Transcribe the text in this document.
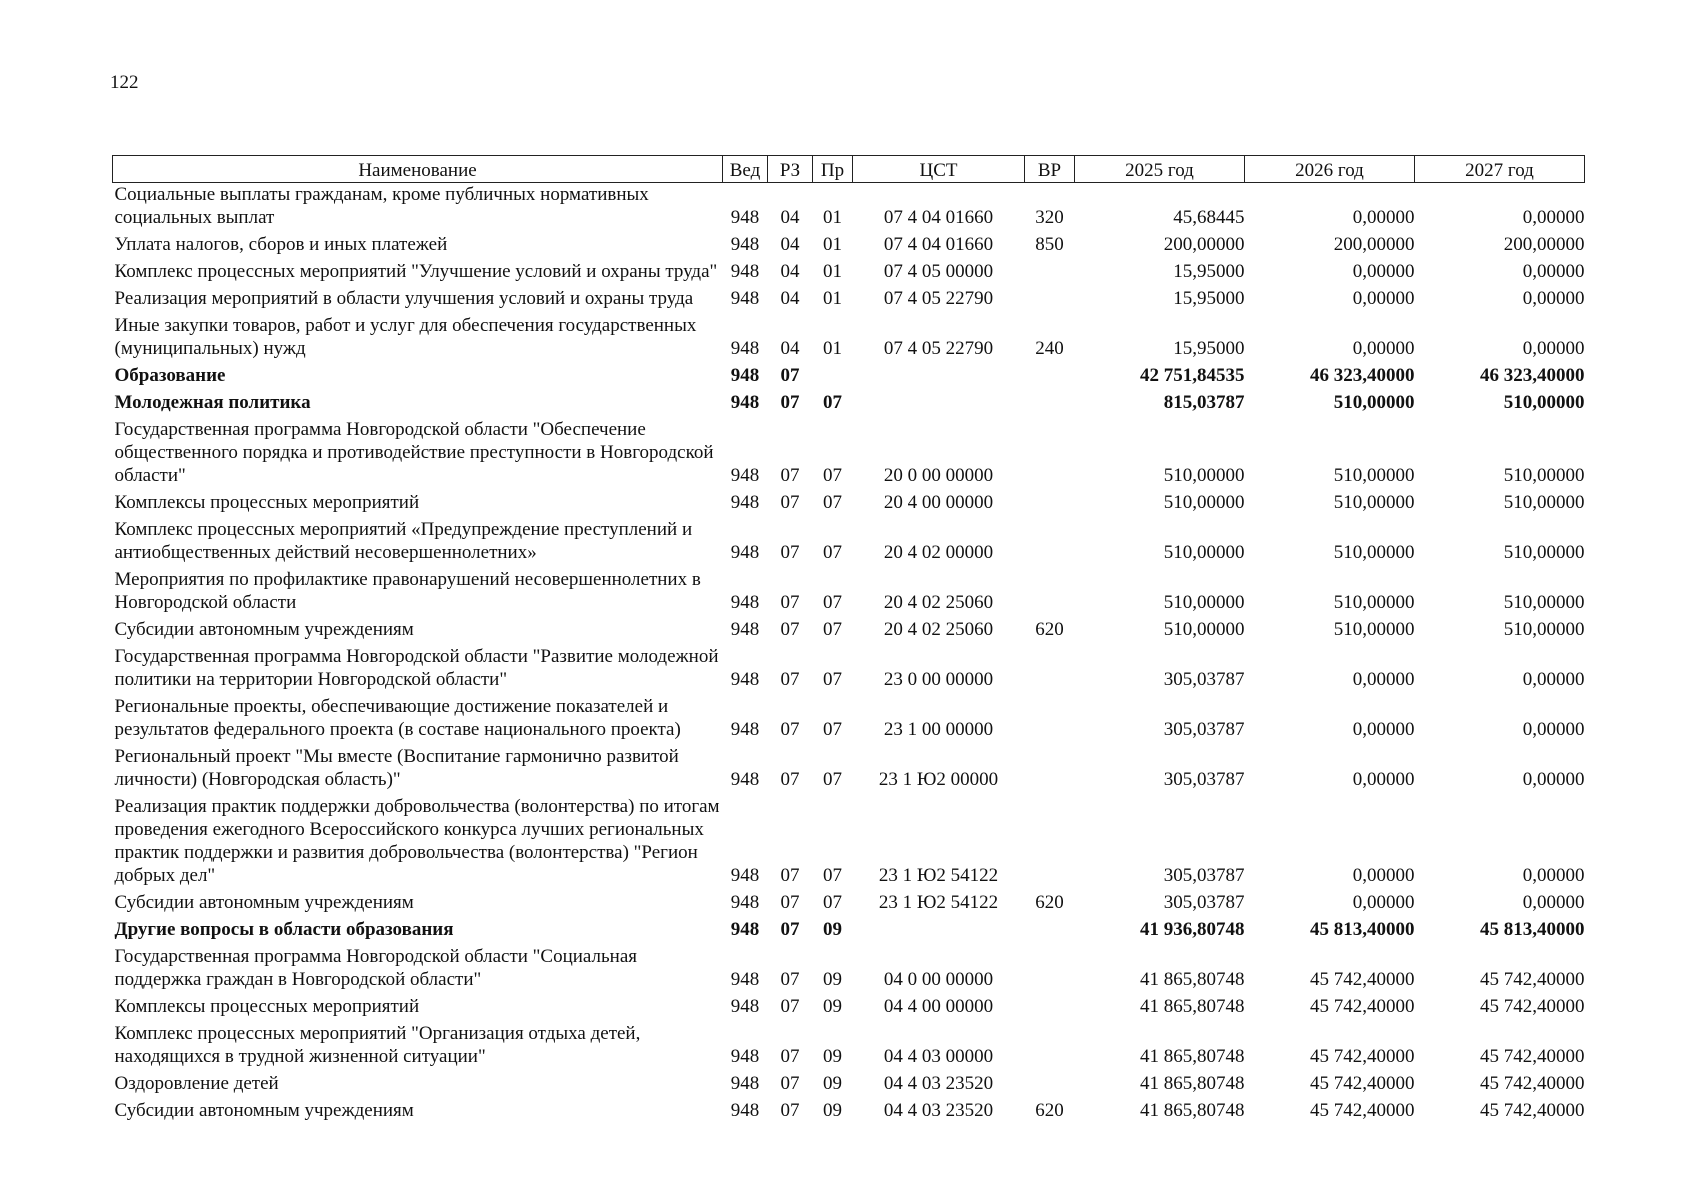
122
Наименование	Вед	РЗ	Пр	ЦСТ	ВР	2025 год	2026 год	2027 год
Социальные выплаты гражданам, кроме публичных нормативных социальных выплат	948	04	01	07 4 04 01660	320	45,68445	0,00000	0,00000
Уплата налогов, сборов и иных платежей	948	04	01	07 4 04 01660	850	200,00000	200,00000	200,00000
Комплекс процессных мероприятий "Улучшение условий и охраны труда"	948	04	01	07 4 05 00000		15,95000	0,00000	0,00000
Реализация мероприятий в области улучшения условий и охраны труда	948	04	01	07 4 05 22790		15,95000	0,00000	0,00000
Иные закупки товаров, работ и услуг для обеспечения государственных (муниципальных) нужд	948	04	01	07 4 05 22790	240	15,95000	0,00000	0,00000
Образование	948	07				42 751,84535	46 323,40000	46 323,40000
Молодежная политика	948	07	07			815,03787	510,00000	510,00000
Государственная программа Новгородской области "Обеспечение общественного порядка и противодействие преступности в Новгородской области"	948	07	07	20 0 00 00000		510,00000	510,00000	510,00000
Комплексы процессных мероприятий	948	07	07	20 4 00 00000		510,00000	510,00000	510,00000
Комплекс процессных мероприятий «Предупреждение преступлений и антиобщественных действий несовершеннолетних»	948	07	07	20 4 02 00000		510,00000	510,00000	510,00000
Мероприятия по профилактике правонарушений несовершеннолетних в Новгородской области	948	07	07	20 4 02 25060		510,00000	510,00000	510,00000
Субсидии автономным учреждениям	948	07	07	20 4 02 25060	620	510,00000	510,00000	510,00000
Государственная программа Новгородской области "Развитие молодежной политики на территории Новгородской области"	948	07	07	23 0 00 00000		305,03787	0,00000	0,00000
Региональные проекты, обеспечивающие достижение показателей и результатов федерального проекта (в составе национального проекта)	948	07	07	23 1 00 00000		305,03787	0,00000	0,00000
Региональный проект "Мы вместе (Воспитание гармонично развитой личности) (Новгородская область)"	948	07	07	23 1 Ю2 00000		305,03787	0,00000	0,00000
Реализация практик поддержки добровольчества (волонтерства) по итогам проведения ежегодного Всероссийского конкурса лучших региональных практик поддержки и развития добровольчества (волонтерства) "Регион добрых дел"	948	07	07	23 1 Ю2 54122		305,03787	0,00000	0,00000
Субсидии автономным учреждениям	948	07	07	23 1 Ю2 54122	620	305,03787	0,00000	0,00000
Другие вопросы в области образования	948	07	09			41 936,80748	45 813,40000	45 813,40000
Государственная программа Новгородской области "Социальная поддержка граждан в Новгородской области"	948	07	09	04 0 00 00000		41 865,80748	45 742,40000	45 742,40000
Комплексы процессных мероприятий	948	07	09	04 4 00 00000		41 865,80748	45 742,40000	45 742,40000
Комплекс процессных мероприятий "Организация отдыха детей, находящихся в трудной жизненной ситуации"	948	07	09	04 4 03 00000		41 865,80748	45 742,40000	45 742,40000
Оздоровление детей	948	07	09	04 4 03 23520		41 865,80748	45 742,40000	45 742,40000
Субсидии автономным учреждениям	948	07	09	04 4 03 23520	620	41 865,80748	45 742,40000	45 742,40000
